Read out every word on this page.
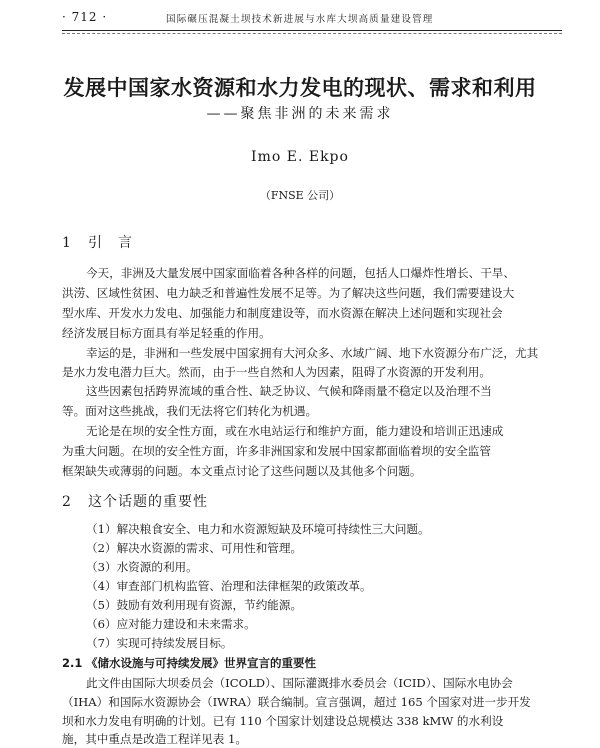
· 712 ·	国际碾压混凝土坝技术新进展与水库大坝高质量建设管理
发展中国家水资源和水力发电的现状、需求和利用
——聚焦非洲的未来需求
Imo E. Ekpo
（FNSE 公司）
1 引　言
今天，非洲及大量发展中国家面临着各种各样的问题，包括人口爆炸性增长、干旱、
洪涝、区域性贫困、电力缺乏和普遍性发展不足等。为了解决这些问题，我们需要建设大
型水库、开发水力发电、加强能力和制度建设等，而水资源在解决上述问题和实现社会
经济发展目标方面具有举足轻重的作用。
幸运的是，非洲和一些发展中国家拥有大河众多、水域广阔、地下水资源分布广泛，尤其
是水力发电潜力巨大。然而，由于一些自然和人为因素，阻碍了水资源的开发利用。
这些因素包括跨界流域的重合性、缺乏协议、气候和降雨量不稳定以及治理不当
等。面对这些挑战，我们无法将它们转化为机遇。
无论是在坝的安全性方面，或在水电站运行和维护方面，能力建设和培训正迅速成
为重大问题。在坝的安全性方面，许多非洲国家和发展中国家都面临着坝的安全监管
框架缺失或薄弱的问题。本文重点讨论了这些问题以及其他多个问题。
2 这个话题的重要性
（1）解决粮食安全、电力和水资源短缺及环境可持续性三大问题。
（2）解决水资源的需求、可用性和管理。
（3）水资源的利用。
（4）审查部门机构监管、治理和法律框架的政策改革。
（5）鼓励有效利用现有资源，节约能源。
（6）应对能力建设和未来需求。
（7）实现可持续发展目标。
2.1 《储水设施与可持续发展》世界宣言的重要性
此文件由国际大坝委员会（ICOLD）、国际灌溉排水委员会（ICID）、国际水电协会
（IHA）和国际水资源协会（IWRA）联合编制。宣言强调，超过 165 个国家对进一步开发
坝和水力发电有明确的计划。已有 110 个国家计划建设总规模达 338 kMW 的水利设
施，其中重点是改造工程详见表 1。
